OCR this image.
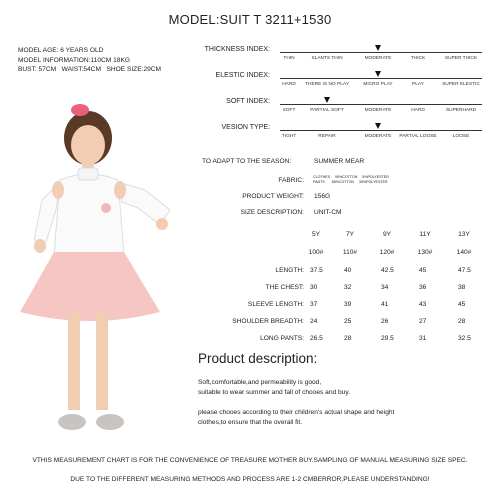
MODEL:SUIT T 3211+1530
MODEL AGE: 6 YEARS OLD
MODEL INFORMATION:110CM 18KG
BUST: 57CM WAIST:54CM SHOE SIZE:29CM
THICKNESS INDEX:
THIN	SLANTS THIN	MODERATE	THICK	SUPER THICK
ELESTIC INDEX:
HARD THERE IS NO PLAY	MICRO PLAY	PLAY	SUPER ELESTIC
SOFT INDEX:
SOFT	PARTIAL SOFT	MODERATE	HARD	SUPERHARD
VESION TYPE:
TIGHT	REPAIR	MODERATE PARTIAL LOOSE	LOOSE
TO ADAPT TO THE SEASON:	SUMMER MEAR
FABRIC:	CLOTHES 95%COTTON 5%POLYESTER
PANTS 65%COTTON 35%POLYESTER
PRODUCT WEIGHT: 156G
SIZE DESCRIPTION: UNIT-CM
5Y	7Y	9Y	11Y	13Y
100#	110#	120#	130#	140#
LENGTH: 37.5	40	42.5	45	47.5
THE CHEST: 30	32	34	36	38
SLEEVE LENGTH: 37	39	41	43	45
SHOULDER BREADTH: 24	25	26	27	28
LONG PANTS: 26.5	28	29.5	31	32.5
Product description:
Soft,comfortable,and permeability is good,
suitable to wear summer and fall of chooes and buy.
please chooes according to their children’s actual shape and height
clothes,to ensure that the overall fit.
VTHIS MEASUREMENT CHART IS FOR THE CONVENIENCE OF TREASURE MOTHER BUY.SAMPLING OF MANUAL MEASURING SIZE SPEC.
DUE TO THE DIFFERENT MEASURING METHODS AND PROCESS ARE 1-2 CMBERROR,PLEASE UNDERSTANDING!
